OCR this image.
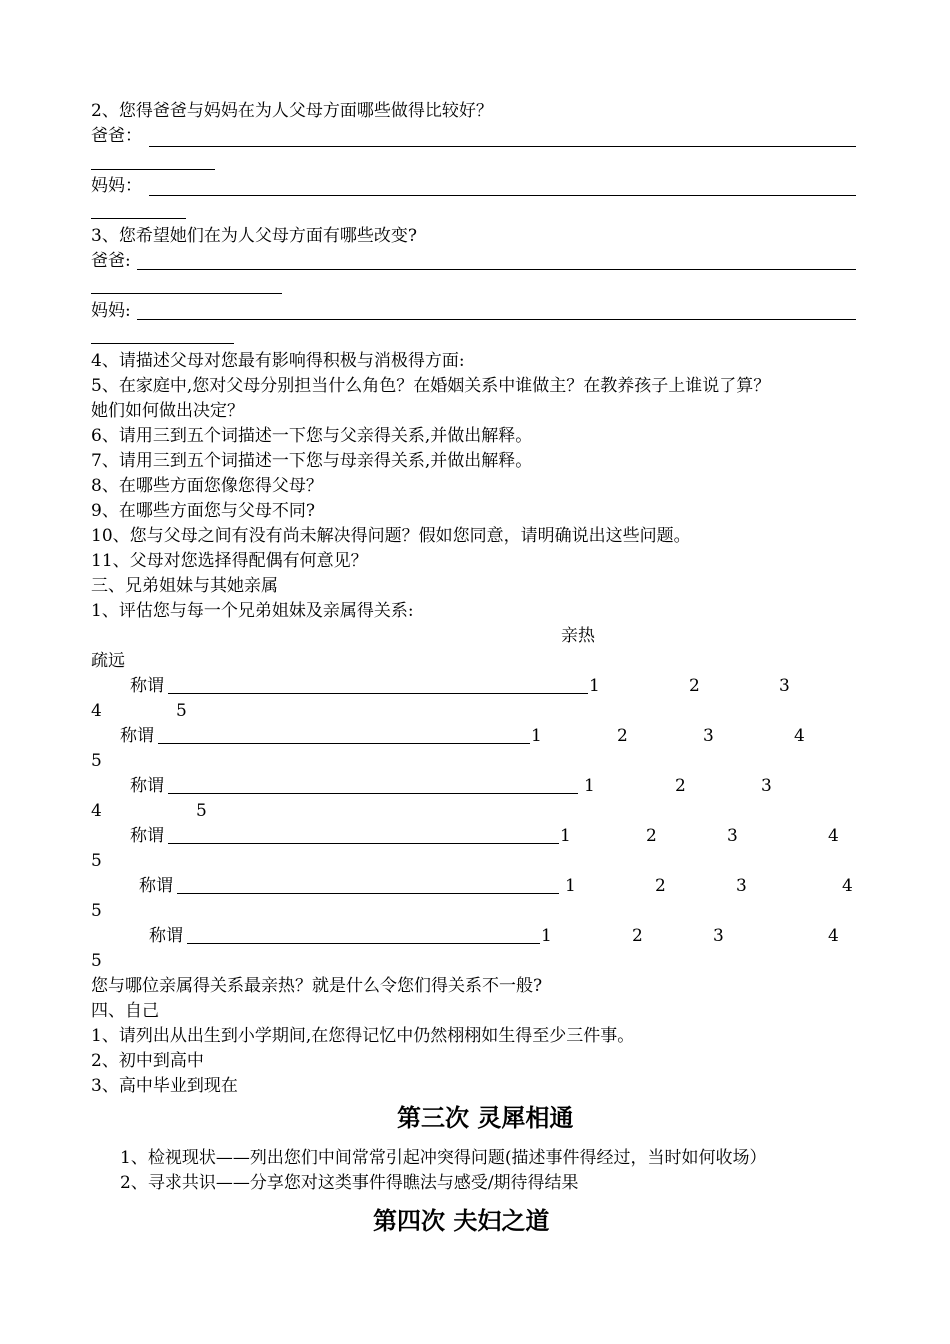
2、您得爸爸与妈妈在为人父母方面哪些做得比较好？
爸爸：
妈妈：
3、您希望她们在为人父母方面有哪些改变?
爸爸:
妈妈:
4、请描述父母对您最有影响得积极与消极得方面:
5、在家庭中,您对父母分别担当什么角色？在婚姻关系中谁做主？在教养孩子上谁说了算？
她们如何做出决定？
6、请用三到五个词描述一下您与父亲得关系,并做出解释。
7、请用三到五个词描述一下您与母亲得关系,并做出解释。
8、在哪些方面您像您得父母？
9、在哪些方面您与父母不同?
10、您与父母之间有没有尚未解决得问题？假如您同意，请明确说出这些问题。
11、父母对您选择得配偶有何意见？
三、兄弟姐妹与其她亲属
1、评估您与每一个兄弟姐妹及亲属得关系:
亲热
疏远
称谓	1	2	3
4	5
称谓	1	2	3	4
5
称谓	1	2	3
4	5
称谓	1	2	3	4
5
称谓	1	2	3	4
5
称谓	1	2	3	4
5
您与哪位亲属得关系最亲热？就是什么令您们得关系不一般?
四、自己
1、请列出从出生到小学期间,在您得记忆中仍然栩栩如生得至少三件事。
2、初中到高中
3、高中毕业到现在
第三次 灵犀相通
1、检视现状——列出您们中间常常引起冲突得问题(描述事件得经过，当时如何收场）
2、寻求共识——分享您对这类事件得瞧法与感受/期待得结果
第四次 夫妇之道
